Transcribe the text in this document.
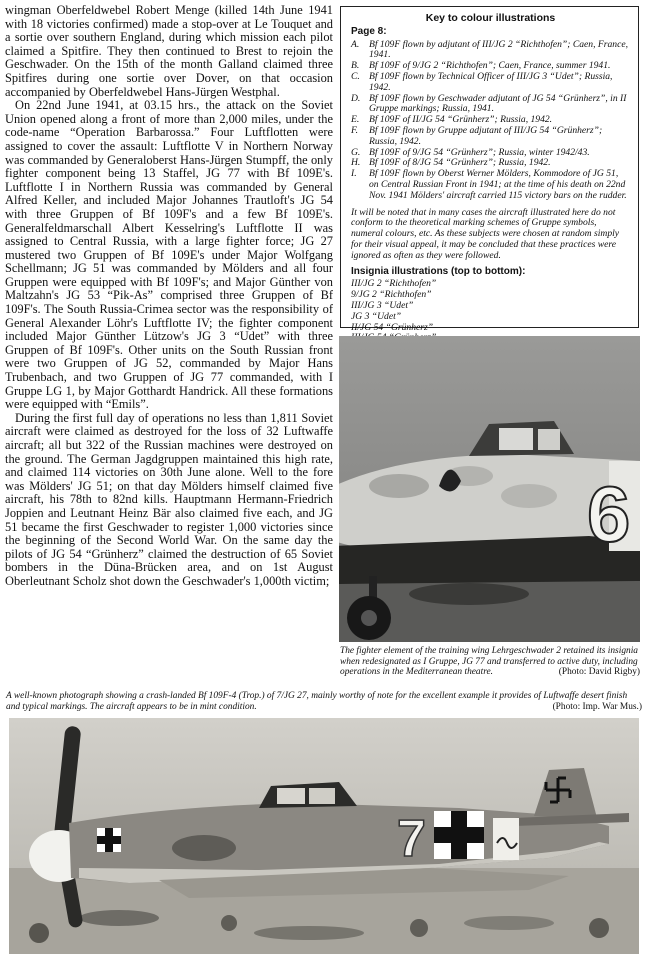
wingman Oberfeldwebel Robert Menge (killed 14th June 1941 with 18 victories confirmed) made a stop-over at Le Touquet and a sortie over southern England, during which mission each pilot claimed a Spitfire. They then continued to Brest to rejoin the Geschwader. On the 15th of the month Galland claimed three Spitfires during one sortie over Dover, on that occasion accompanied by Oberfeldwebel Hans-Jürgen Westphal.

On 22nd June 1941, at 03.15 hrs., the attack on the Soviet Union opened along a front of more than 2,000 miles, under the code-name “Operation Barbarossa.” Four Luftflotten were assigned to cover the assault: Luftflotte V in Northern Norway was commanded by Generaloberst Hans-Jürgen Stumpff, the only fighter component being 13 Staffel, JG 77 with Bf 109E's. Luftflotte I in Northern Russia was commanded by General Alfred Keller, and included Major Johannes Trautloft's JG 54 with three Gruppen of Bf 109F's and a few Bf 109E's. Generalfeldmarschall Albert Kesselring's Luftflotte II was assigned to Central Russia, with a large fighter force; JG 27 mustered two Gruppen of Bf 109E's under Major Wolfgang Schellmann; JG 51 was commanded by Mölders and all four Gruppen were equipped with Bf 109F's; and Major Günther von Maltzahn's JG 53 “Pik-As” comprised three Gruppen of Bf 109F's. The South Russia-Crimea sector was the responsibility of General Alexander Löhr's Luftflotte IV; the fighter component included Major Günther Lützow's JG 3 “Udet” with three Gruppen of Bf 109F's. Other units on the South Russian front were two Gruppen of JG 52, commanded by Major Hans Trubenbach, and two Gruppen of JG 77 commanded, with I Gruppe LG 1, by Major Gotthardt Handrick. All these formations were equipped with “Emils”.

During the first full day of operations no less than 1,811 Soviet aircraft were claimed as destroyed for the loss of 32 Luftwaffe aircraft; all but 322 of the Russian machines were destroyed on the ground. The German Jagdgruppen maintained this high rate, and claimed 114 victories on 30th June alone. Well to the fore was Mölders' JG 51; on that day Mölders himself claimed five aircraft, his 78th to 82nd kills. Hauptmann Hermann-Friedrich Joppien and Leutnant Heinz Bär also claimed five each, and JG 51 became the first Geschwader to register 1,000 victories since the beginning of the Second World War. On the same day the pilots of JG 54 “Grünherz” claimed the destruction of 65 Soviet bombers in the Düna-Brücken area, and on 1st August Oberleutnant Scholz shot down the Geschwader's 1,000th victim;

Key to colour illustrations
Page 8:
A.	Bf 109F flown by adjutant of III/JG 2 “Richthofen”; Caen, France, 1941.
B.	Bf 109F of 9/JG 2 “Richthofen”; Caen, France, summer 1941.
C. Bf 109F flown by Technical Officer of III/JG 3 “Udet”; Russia, 1942.
D. Bf 109F flown by Geschwader adjutant of JG 54 “Grünherz”, in II Gruppe markings; Russia, 1941.
E.	Bf 109F of II/JG 54 “Grünherz”; Russia, 1942.
F.	Bf 109F flown by Gruppe adjutant of III/JG 54 “Grünherz”; Russia, 1942.
G. Bf 109F of 9/JG 54 “Grünherz”; Russia, winter 1942/43.
H. Bf 109F of 8/JG 54 “Grünherz”; Russia, 1942.
I.	Bf 109F flown by Oberst Werner Mölders, Kommodore of JG 51, on Central Russian Front in 1941; at the time of his death on 22nd Nov. 1941 Mölders' aircraft carried 115 victory bars on the rudder.
It will be noted that in many cases the aircraft illustrated here do not conform to the theoretical marking schemes of Gruppe symbols, numeral colours, etc. As these subjects were chosen at random simply for their visual appeal, it may be concluded that these practices were ignored as often as they were followed.
Insignia illustrations (top to bottom):
III/JG 2 “Richthofen”
9/JG 2 “Richthofen”
III/JG 3 “Udet”
JG 3 “Udet”
II/JG 54 “Grünherz”
6
The fighter element of the training wing Lehrgeschwader 2 retained its insignia when redesignated as I Gruppe, JG 77 and transferred to active duty, including operations in the Mediterranean theatre.	(Photo: David Rigby)
A well-known photograph showing a crash-landed Bf 109F-4 (Trop.) of 7/JG 27, mainly worthy of note for the excellent example it provides of Luftwaffe desert finish and typical markings. The aircraft appears to be in mint condition.	(Photo: Imp. War Mus.)
7
